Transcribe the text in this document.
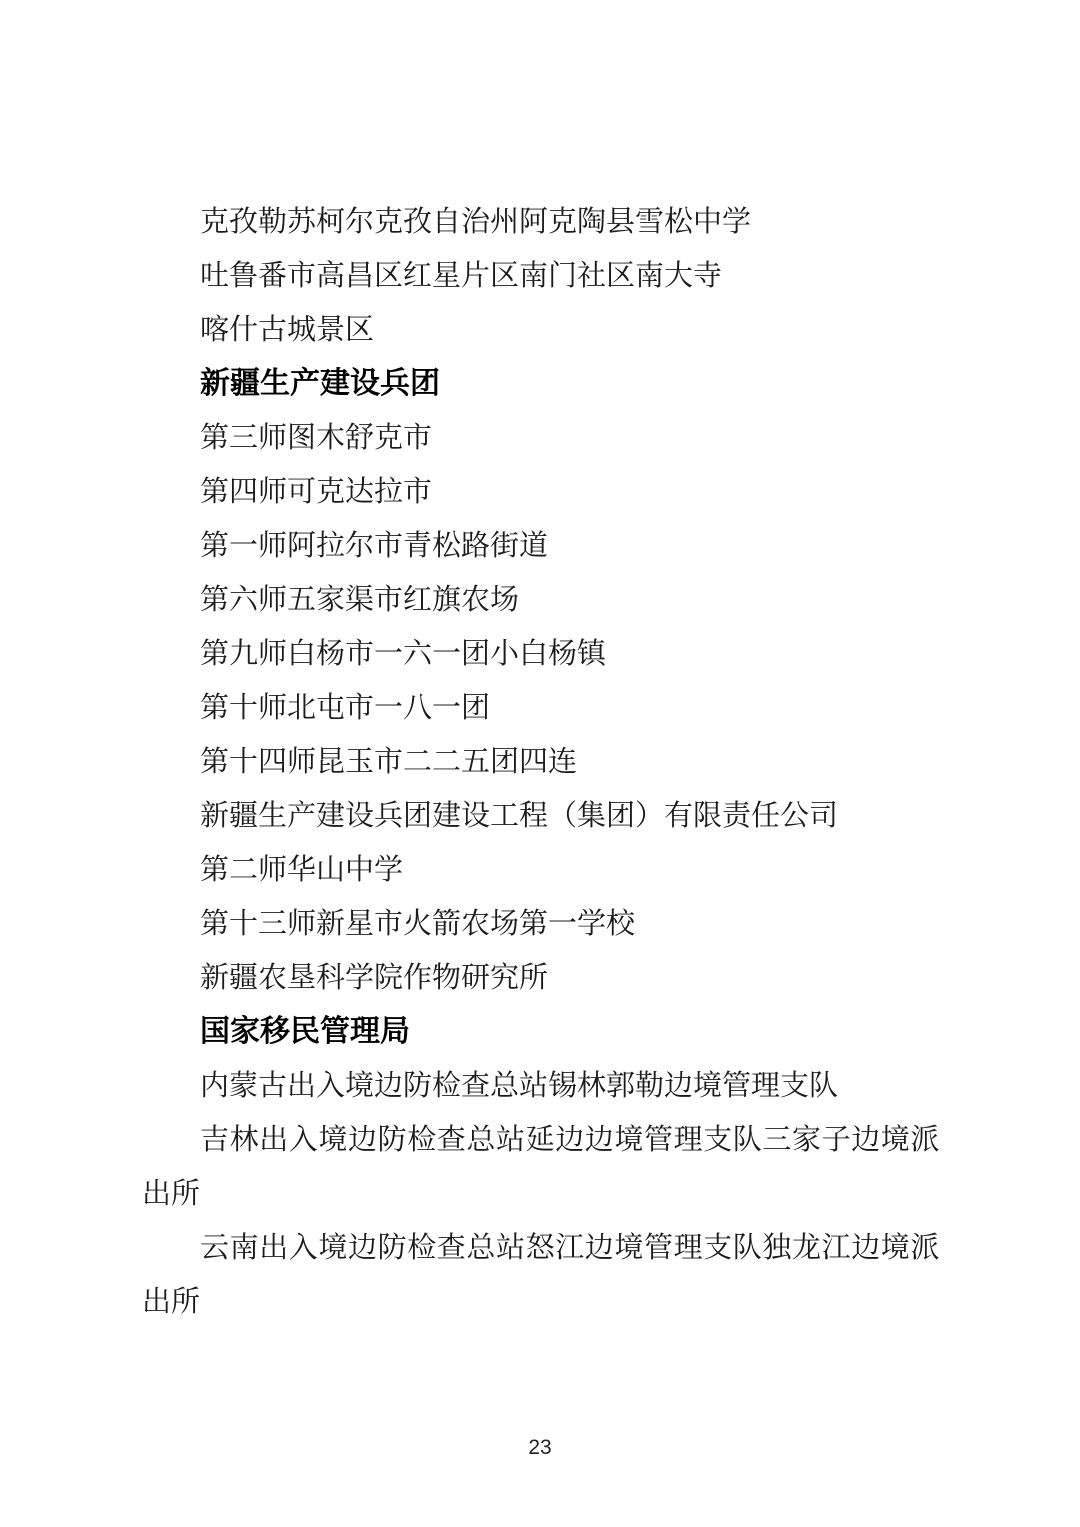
克孜勒苏柯尔克孜自治州阿克陶县雪松中学
吐鲁番市高昌区红星片区南门社区南大寺
喀什古城景区
新疆生产建设兵团
第三师图木舒克市
第四师可克达拉市
第一师阿拉尔市青松路街道
第六师五家渠市红旗农场
第九师白杨市一六一团小白杨镇
第十师北屯市一八一团
第十四师昆玉市二二五团四连
新疆生产建设兵团建设工程（集团）有限责任公司
第二师华山中学
第十三师新星市火箭农场第一学校
新疆农垦科学院作物研究所
国家移民管理局
内蒙古出入境边防检查总站锡林郭勒边境管理支队
吉林出入境边防检查总站延边边境管理支队三家子边境派
出所
云南出入境边防检查总站怒江边境管理支队独龙江边境派
出所
23
